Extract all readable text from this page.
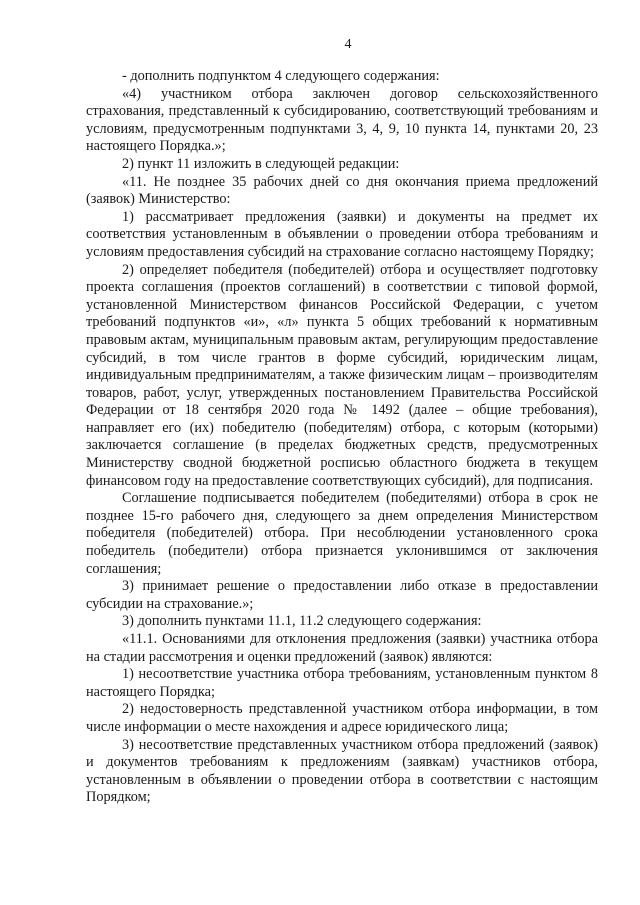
4

- дополнить подпунктом 4 следующего содержания:

«4) участником отбора заключен договор сельскохозяйственного страхования, представленный к субсидированию, соответствующий требованиям и условиям, предусмотренным подпунктами 3, 4, 9, 10 пункта 14, пунктами 20, 23 настоящего Порядка.»;

2) пункт 11 изложить в следующей редакции:

«11. Не позднее 35 рабочих дней со дня окончания приема предложений (заявок) Министерство:

1) рассматривает предложения (заявки) и документы на предмет их соответствия установленным в объявлении о проведении отбора требованиям и условиям предоставления субсидий на страхование согласно настоящему Порядку;

2) определяет победителя (победителей) отбора и осуществляет подготовку проекта соглашения (проектов соглашений) в соответствии с типовой формой, установленной Министерством финансов Российской Федерации, с учетом требований подпунктов «и», «л» пункта 5 общих требований к нормативным правовым актам, муниципальным правовым актам, регулирующим предоставление субсидий, в том числе грантов в форме субсидий, юридическим лицам, индивидуальным предпринимателям, а также физическим лицам – производителям товаров, работ, услуг, утвержденных постановлением Правительства Российской Федерации от 18 сентября 2020 года № 1492 (далее – общие требования), направляет его (их) победителю (победителям) отбора, с которым (которыми) заключается соглашение (в пределах бюджетных средств, предусмотренных Министерству сводной бюджетной росписью областного бюджета в текущем финансовом году на предоставление соответствующих субсидий), для подписания.

Соглашение подписывается победителем (победителями) отбора в срок не позднее 15-го рабочего дня, следующего за днем определения Министерством победителя (победителей) отбора. При несоблюдении установленного срока победитель (победители) отбора признается уклонившимся от заключения соглашения;

3) принимает решение о предоставлении либо отказе в предоставлении субсидии на страхование.»;

3) дополнить пунктами 11.1, 11.2 следующего содержания:

«11.1. Основаниями для отклонения предложения (заявки) участника отбора на стадии рассмотрения и оценки предложений (заявок) являются:

1) несоответствие участника отбора требованиям, установленным пунктом 8 настоящего Порядка;

2) недостоверность представленной участником отбора информации, в том числе информации о месте нахождения и адресе юридического лица;

3) несоответствие представленных участником отбора предложений (заявок) и документов требованиям к предложениям (заявкам) участников отбора, установленным в объявлении о проведении отбора в соответствии с настоящим Порядком;
